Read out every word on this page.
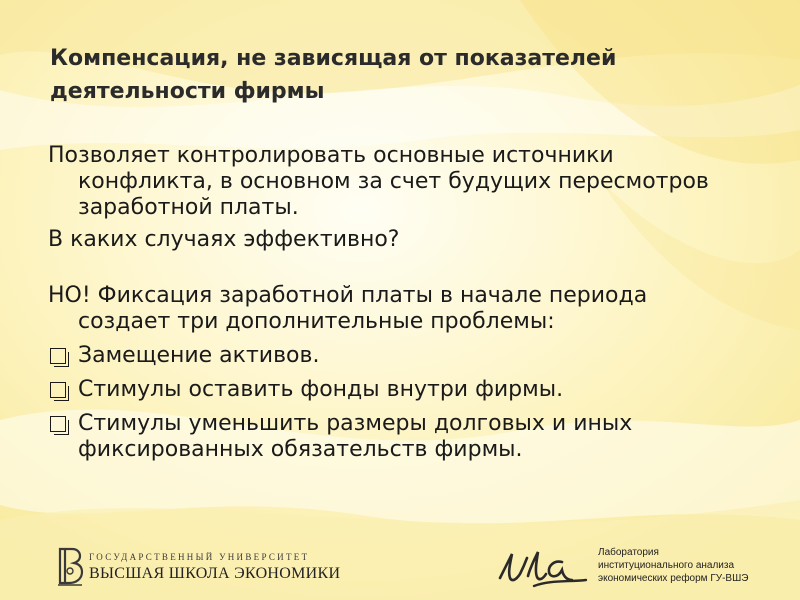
Компенсация, не зависящая от показателей
деятельности фирмы

Позволяет контролировать основные источники конфликта, в основном за счет будущих пересмотров заработной платы.

В каких случаях эффективно?

НО! Фиксация заработной платы в начале периода создает три дополнительные проблемы:

Замещение активов.
Стимулы оставить фонды внутри фирмы.
Стимулы уменьшить размеры долговых и иных фиксированных обязательств фирмы.
ГОСУДАРСТВЕННЫЙ УНИВЕРСИТЕТ
ВЫСШАЯ ШКОЛА ЭКОНОМИКИ
Лаборатория
институционального анализа
экономических реформ ГУ-ВШЭ
